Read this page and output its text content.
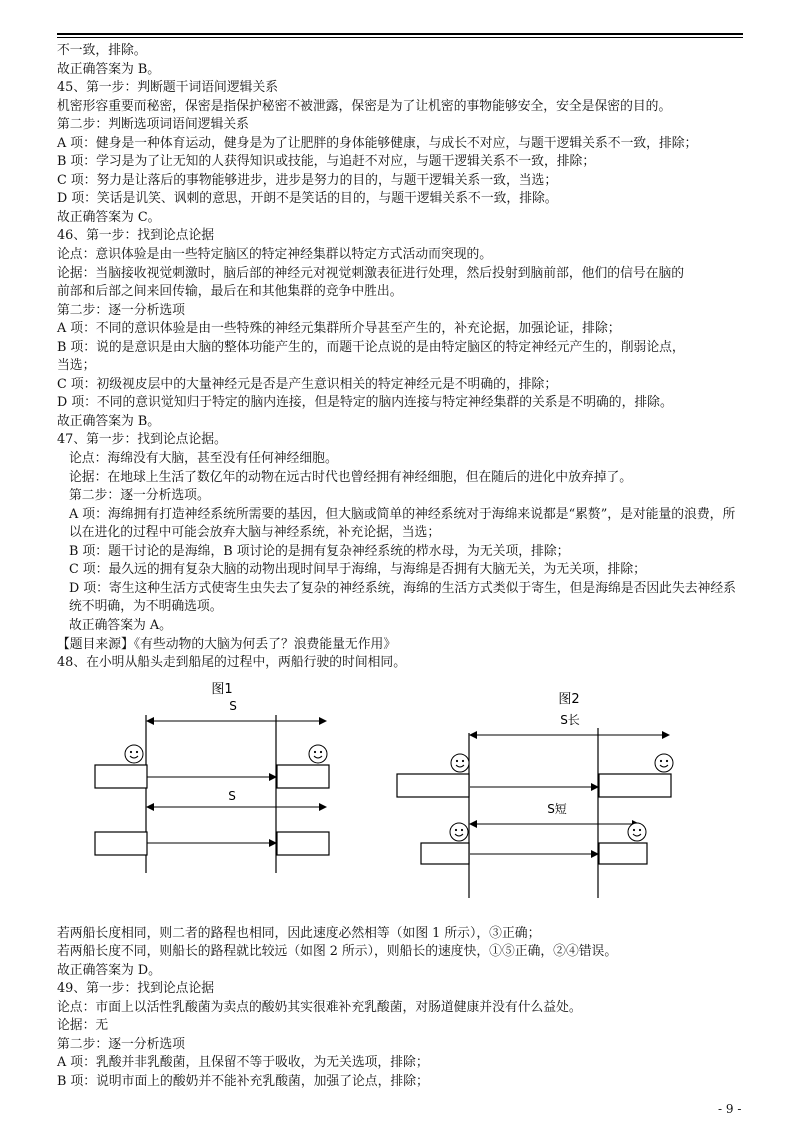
不一致，排除。
故正确答案为 B。
45、第一步：判断题干词语间逻辑关系
机密形容重要而秘密，保密是指保护秘密不被泄露，保密是为了让机密的事物能够安全，安全是保密的目的。
第二步：判断选项词语间逻辑关系
A 项：健身是一种体育运动，健身是为了让肥胖的身体能够健康，与成长不对应，与题干逻辑关系不一致，排除；
B 项：学习是为了让无知的人获得知识或技能，与追赶不对应，与题干逻辑关系不一致，排除；
C 项：努力是让落后的事物能够进步，进步是努力的目的，与题干逻辑关系一致，当选；
D 项：笑话是讥笑、讽刺的意思，开朗不是笑话的目的，与题干逻辑关系不一致，排除。
故正确答案为 C。
46、第一步：找到论点论据
论点：意识体验是由一些特定脑区的特定神经集群以特定方式活动而突现的。
论据：当脑接收视觉刺激时，脑后部的神经元对视觉刺激表征进行处理，然后投射到脑前部，他们的信号在脑的
前部和后部之间来回传输，最后在和其他集群的竞争中胜出。
第二步：逐一分析选项
A 项：不同的意识体验是由一些特殊的神经元集群所介导甚至产生的，补充论据，加强论证，排除；
B 项：说的是意识是由大脑的整体功能产生的，而题干论点说的是由特定脑区的特定神经元产生的，削弱论点，
当选；
C 项：初级视皮层中的大量神经元是否是产生意识相关的特定神经元是不明确的，排除；
D 项：不同的意识觉知归于特定的脑内连接，但是特定的脑内连接与特定神经集群的关系是不明确的，排除。
故正确答案为 B。
47、第一步：找到论点论据。
论点：海绵没有大脑，甚至没有任何神经细胞。
论据：在地球上生活了数亿年的动物在远古时代也曾经拥有神经细胞，但在随后的进化中放弃掉了。
第二步：逐一分析选项。
A 项：海绵拥有打造神经系统所需要的基因，但大脑或简单的神经系统对于海绵来说都是“累赘”，是对能量的浪费，所以在进化的过程中可能会放弃大脑与神经系统，补充论据，当选；
B 项：题干讨论的是海绵，B 项讨论的是拥有复杂神经系统的栉水母，为无关项，排除；
C 项：最久远的拥有复杂大脑的动物出现时间早于海绵，与海绵是否拥有大脑无关，为无关项，排除；
D 项：寄生这种生活方式使寄生虫失去了复杂的神经系统，海绵的生活方式类似于寄生，但是海绵是否因此失去神经系统不明确，为不明确选项。
故正确答案为 A。
【题目来源】《有些动物的大脑为何丢了？浪费能量无作用》
48、在小明从船头走到船尾的过程中，两船行驶的时间相同。
图1
S
S
图2
S长
S短
若两船长度相同，则二者的路程也相同，因此速度必然相等（如图 1 所示），③正确；
若两船长度不同，则船长的路程就比较远（如图 2 所示），则船长的速度快，①⑤正确，②④错误。
故正确答案为 D。
49、第一步：找到论点论据
论点：市面上以活性乳酸菌为卖点的酸奶其实很难补充乳酸菌，对肠道健康并没有什么益处。
论据：无
第二步：逐一分析选项
A 项：乳酸并非乳酸菌，且保留不等于吸收，为无关选项，排除；
B 项：说明市面上的酸奶并不能补充乳酸菌，加强了论点，排除；
- 9 -
